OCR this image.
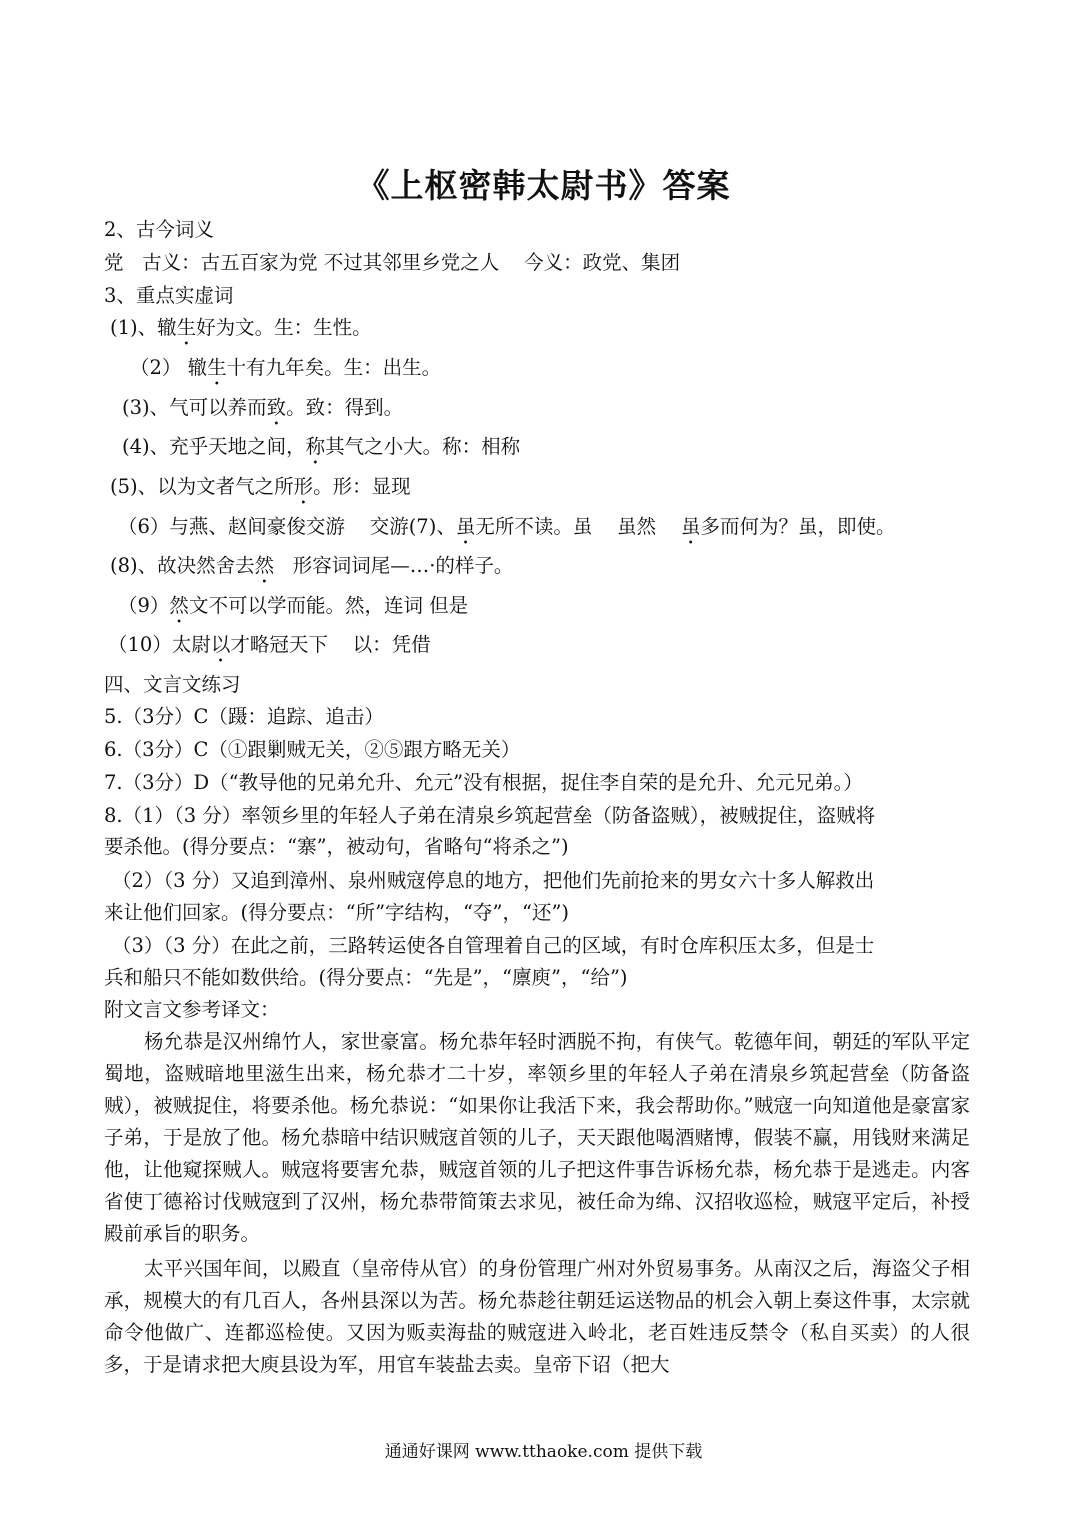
《上枢密韩太尉书》答案
2、古今词义
党   古义：古五百家为党 不过其邻里乡党之人    今义：政党、集团
3、重点实虚词
(1)、辙生好为文。生：生性。
（2） 辙生十有九年矣。生：出生。
(3)、气可以养而致。致：得到。
(4)、充乎天地之间，称其气之小大。称：相称
(5)、以为文者气之所形。形：显现
（6）与燕、赵间豪俊交游    交游(7)、虽无所不读。虽    虽然    虽多而何为？虽，即使。
(8)、故决然舍去然   形容词词尾—…·的样子。
（9）然文不可以学而能。然，连词 但是
（10）太尉以才略冠天下    以：凭借
四、文言文练习
5.（3分）C（蹑：追踪、追击）
6.（3分）C（①跟剿贼无关，②⑤跟方略无关）
7.（3分）D（“教导他的兄弟允升、允元”没有根据，捉住李自荣的是允升、允元兄弟。）
8.（1）（3 分）率领乡里的年轻人子弟在清泉乡筑起营垒（防备盗贼），被贼捉住，盗贼将
要杀他。(得分要点：“寨”，被动句，省略句“将杀之”)
（2）（3 分）又追到漳州、泉州贼寇停息的地方，把他们先前抢来的男女六十多人解救出
来让他们回家。(得分要点：“所”字结构，“夺”，“还”)
（3）（3 分）在此之前，三路转运使各自管理着自己的区域，有时仓库积压太多，但是士
兵和船只不能如数供给。(得分要点：“先是”，“廪庾”，“给”)
附文言文参考译文：
杨允恭是汉州绵竹人，家世豪富。杨允恭年轻时洒脱不拘，有侠气。乾德年间，朝廷的军队平定蜀地，盗贼暗地里滋生出来，杨允恭才二十岁，率领乡里的年轻人子弟在清泉乡筑起营垒（防备盗贼），被贼捉住，将要杀他。杨允恭说：“如果你让我活下来，我会帮助你。”贼寇一向知道他是豪富家子弟，于是放了他。杨允恭暗中结识贼寇首领的儿子，天天跟他喝酒赌博，假装不赢，用钱财来满足他，让他窥探贼人。贼寇将要害允恭，贼寇首领的儿子把这件事告诉杨允恭，杨允恭于是逃走。内客省使丁德裕讨伐贼寇到了汉州，杨允恭带简策去求见，被任命为绵、汉招收巡检，贼寇平定后，补授殿前承旨的职务。
太平兴国年间，以殿直（皇帝侍从官）的身份管理广州对外贸易事务。从南汉之后，海盗父子相承，规模大的有几百人，各州县深以为苦。杨允恭趁往朝廷运送物品的机会入朝上奏这件事，太宗就命令他做广、连都巡检使。又因为贩卖海盐的贼寇进入岭北，老百姓违反禁令（私自买卖）的人很多，于是请求把大庾县设为军，用官车装盐去卖。皇帝下诏（把大
通通好课网 www.tthaoke.com 提供下载
